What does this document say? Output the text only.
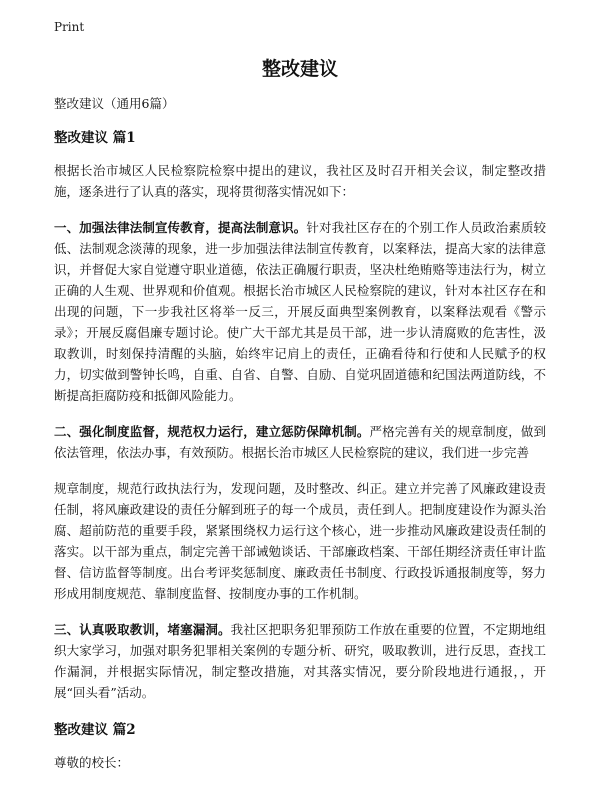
Print
整改建议
整改建议（通用6篇）
整改建议 篇1

根据长治市城区人民检察院检察中提出的建议，我社区及时召开相关会议，制定整改措施，逐条进行了认真的落实，现将贯彻落实情况如下：

一、加强法律法制宣传教育，提高法制意识。针对我社区存在的个别工作人员政治素质较低、法制观念淡薄的现象，进一步加强法律法制宣传教育，以案释法，提高大家的法律意识，并督促大家自觉遵守职业道德，依法正确履行职责，坚决杜绝贿赂等违法行为，树立正确的人生观、世界观和价值观。根据长治市城区人民检察院的建议，针对本社区存在和出现的问题，下一步我社区将举一反三，开展反面典型案例教育，以案释法观看《警示录》；开展反腐倡廉专题讨论。使广大干部尤其是员干部，进一步认清腐败的危害性，汲取教训，时刻保持清醒的头脑，始终牢记肩上的责任，正确看待和行使和人民赋予的权力，切实做到警钟长鸣，自重、自省、自警、自励、自觉巩固道德和纪国法两道防线，不断提高拒腐防疫和抵御风险能力。

二、强化制度监督，规范权力运行，建立惩防保障机制。严格完善有关的规章制度，做到依法管理，依法办事，有效预防。根据长治市城区人民检察院的建议，我们进一步完善

规章制度，规范行政执法行为，发现问题，及时整改、纠正。建立并完善了风廉政建设责任制，将风廉政建设的责任分解到班子的每一个成员，责任到人。把制度建设作为源头治腐、超前防范的重要手段，紧紧围绕权力运行这个核心，进一步推动风廉政建设责任制的落实。以干部为重点，制定完善干部诫勉谈话、干部廉政档案、干部任期经济责任审计监督、信访监督等制度。出台考评奖惩制度、廉政责任书制度、行政投诉通报制度等，努力形成用制度规范、靠制度监督、按制度办事的工作机制。

三、认真吸取教训，堵塞漏洞。我社区把职务犯罪预防工作放在重要的位置，不定期地组织大家学习，加强对职务犯罪相关案例的专题分析、研究，吸取教训，进行反思，查找工作漏洞，并根据实际情况，制定整改措施，对其落实情况，要分阶段地进行通报，，开展“回头看”活动。

整改建议 篇2

尊敬的校长：
